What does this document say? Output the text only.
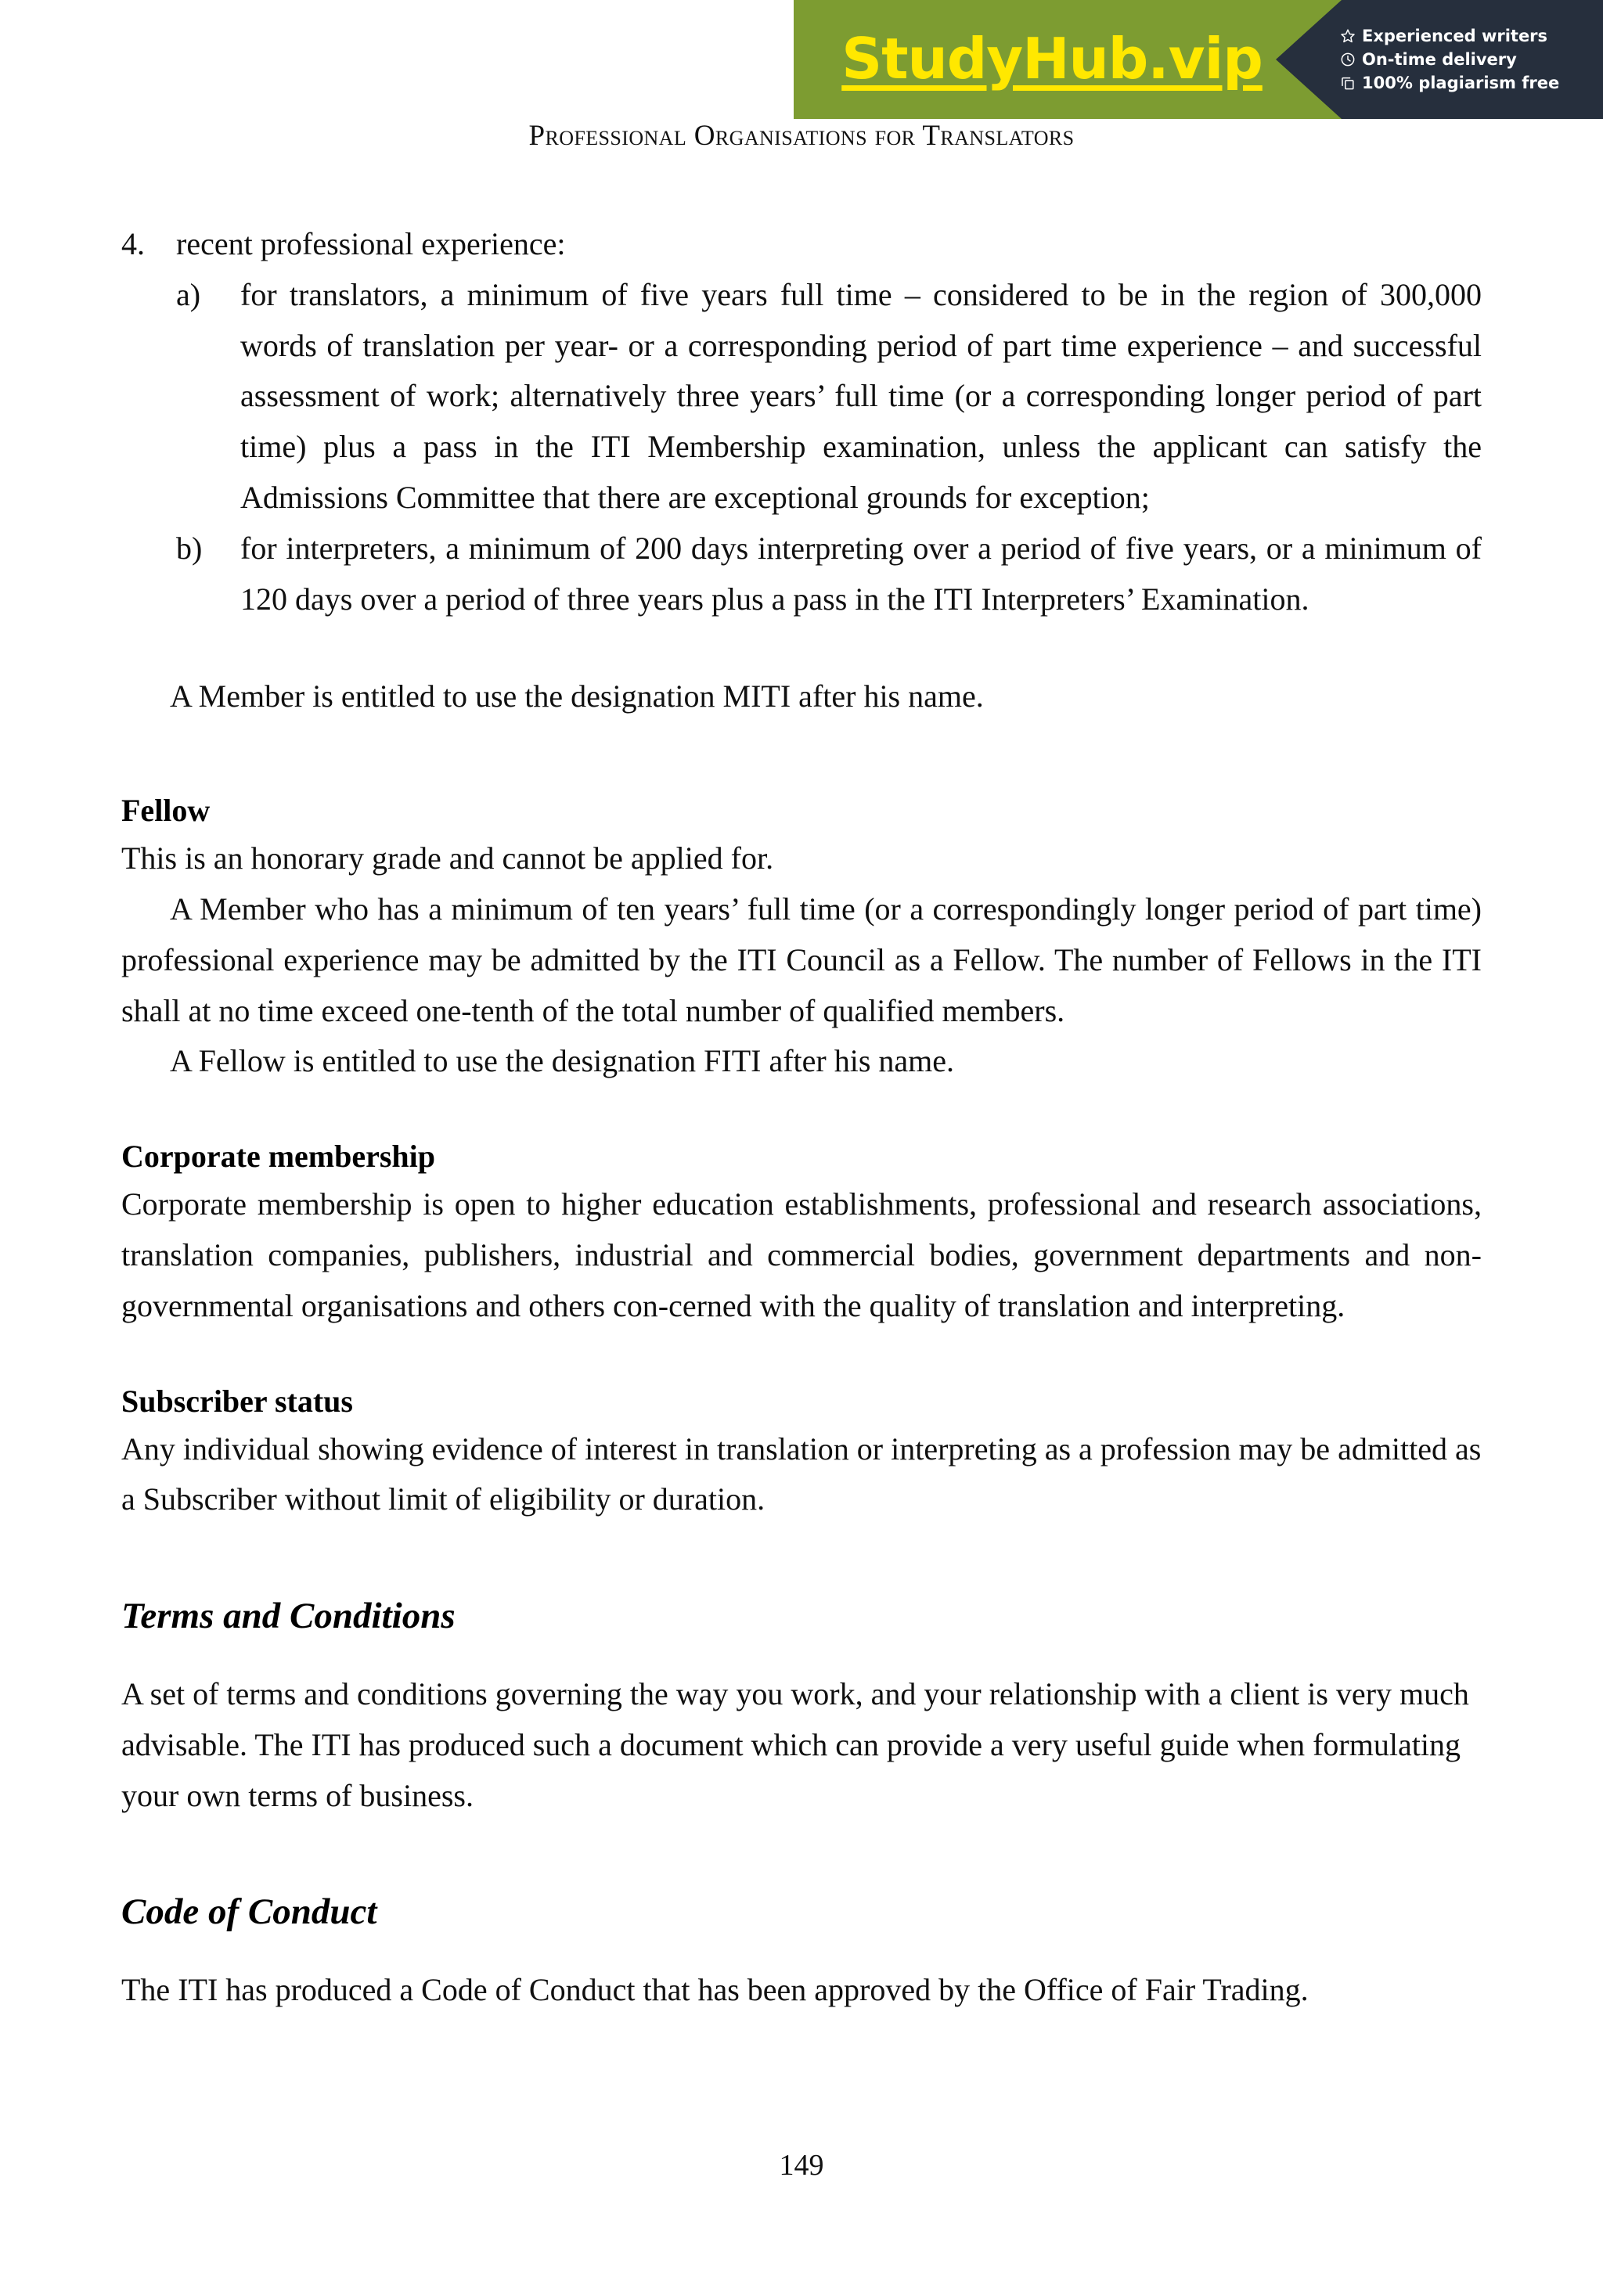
Professional Organisations for Translators
4.	recent professional experience:
a)	for translators, a minimum of five years full time – considered to be in the region of 300,000 words of translation per year- or a corresponding period of part time experience – and successful assessment of work; alternatively three years’ full time (or a corresponding longer period of part time) plus a pass in the ITI Membership examination, unless the applicant can satisfy the Admissions Committee that there are exceptional grounds for exception;
b)	for interpreters, a minimum of 200 days interpreting over a period of five years, or a minimum of 120 days over a period of three years plus a pass in the ITI Interpreters’ Examination.

A Member is entitled to use the designation MITI after his name.

Fellow

This is an honorary grade and cannot be applied for.

A Member who has a minimum of ten years’ full time (or a correspondingly longer period of part time) professional experience may be admitted by the ITI Council as a Fellow. The number of Fellows in the ITI shall at no time exceed one-tenth of the total number of qualified members.

A Fellow is entitled to use the designation FITI after his name.

Corporate membership

Corporate membership is open to higher education establishments, professional and research associations, translation companies, publishers, industrial and commercial bodies, government departments and non-governmental organisations and others con-cerned with the quality of translation and interpreting.

Subscriber status

Any individual showing evidence of interest in translation or interpreting as a profession may be admitted as a Subscriber without limit of eligibility or duration.

Terms and Conditions

A set of terms and conditions governing the way you work, and your relationship with a client is very much advisable. The ITI has produced such a document which can provide a very useful guide when formulating your own terms of business.

Code of Conduct

The ITI has produced a Code of Conduct that has been approved by the Office of Fair Trading.

149
StudyHub.vip	Experienced writers
On-time delivery
100% plagiarism free
